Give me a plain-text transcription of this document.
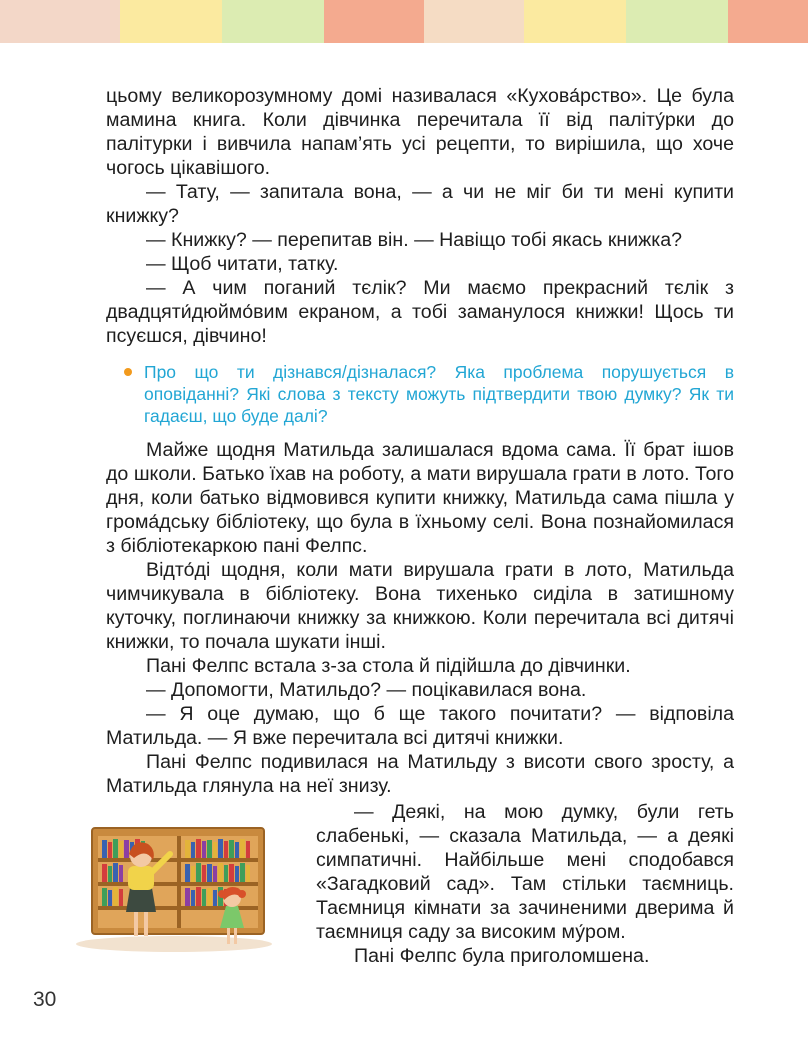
цьому великорозумному домі називалася «Кухова́рство». Це була мамина книга. Коли дівчинка перечитала її від паліту́рки до палітурки і вивчила напам’ять усі рецепти, то вирішила, що хоче чогось цікавішого.

— Тату, — запитала вона, — а чи не міг би ти мені купити книжку?

— Книжку? — перепитав він. — Навіщо тобі якась книжка?

— Щоб читати, татку.

— А чим поганий тєлік? Ми маємо прекрасний тєлік з двадцяти́дюймо́вим екраном, а тобі заманулося книжки! Щось ти псуєшся, дівчино!

Про що ти дізнався/дізналася? Яка проблема порушується в оповіданні? Які слова з тексту можуть підтвердити твою думку? Як ти гадаєш, що буде далі?

Майже щодня Матильда залишалася вдома сама. Її брат ішов до школи. Батько їхав на роботу, а мати вирушала грати в лото. Того дня, коли батько відмовився купити книжку, Матильда сама пішла у грома́дську бібліотеку, що була в їхньому селі. Вона познайомилася з бібліотекаркою пані Фелпс.

Відто́ді щодня, коли мати вирушала грати в лото, Матильда чимчикувала в бібліотеку. Вона тихенько сиділа в затишному куточку, поглинаючи книжку за книжкою. Коли перечитала всі дитячі книжки, то почала шукати інші.

Пані Фелпс встала з-за стола й підійшла до дівчинки.

— Допомогти, Матильдо? — поцікавилася вона.

— Я оце думаю, що б ще такого почитати? — відповіла Матильда. — Я вже перечитала всі дитячі книжки.

Пані Фелпс подивилася на Матильду з висоти свого зросту, а Матильда глянула на неї знизу.

— Деякі, на мою думку, були геть слабенькі, — сказала Матильда, — а деякі симпатичні. Найбільше мені сподобався «Загадковий сад». Там стільки таємниць. Таємниця кімнати за зачиненими дверима й таємниця саду за високим му́ром.

Пані Фелпс була приголомшена.

30
